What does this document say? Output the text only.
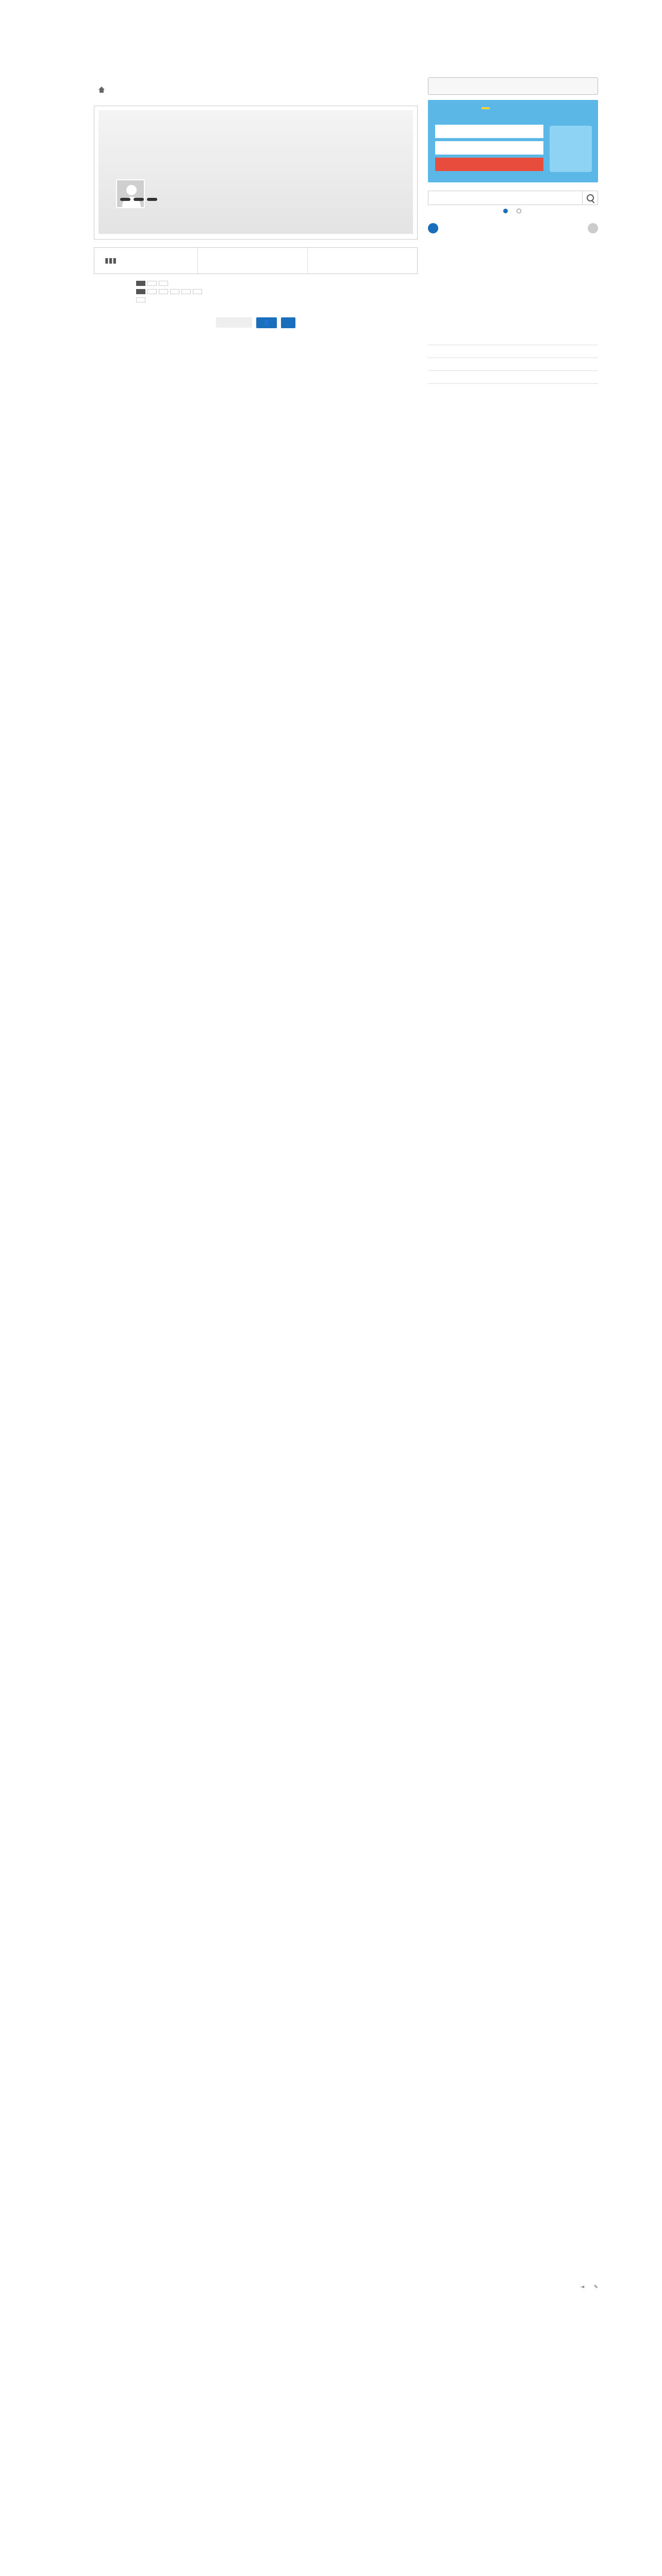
▮▮▮
👤
⇥ ✎
